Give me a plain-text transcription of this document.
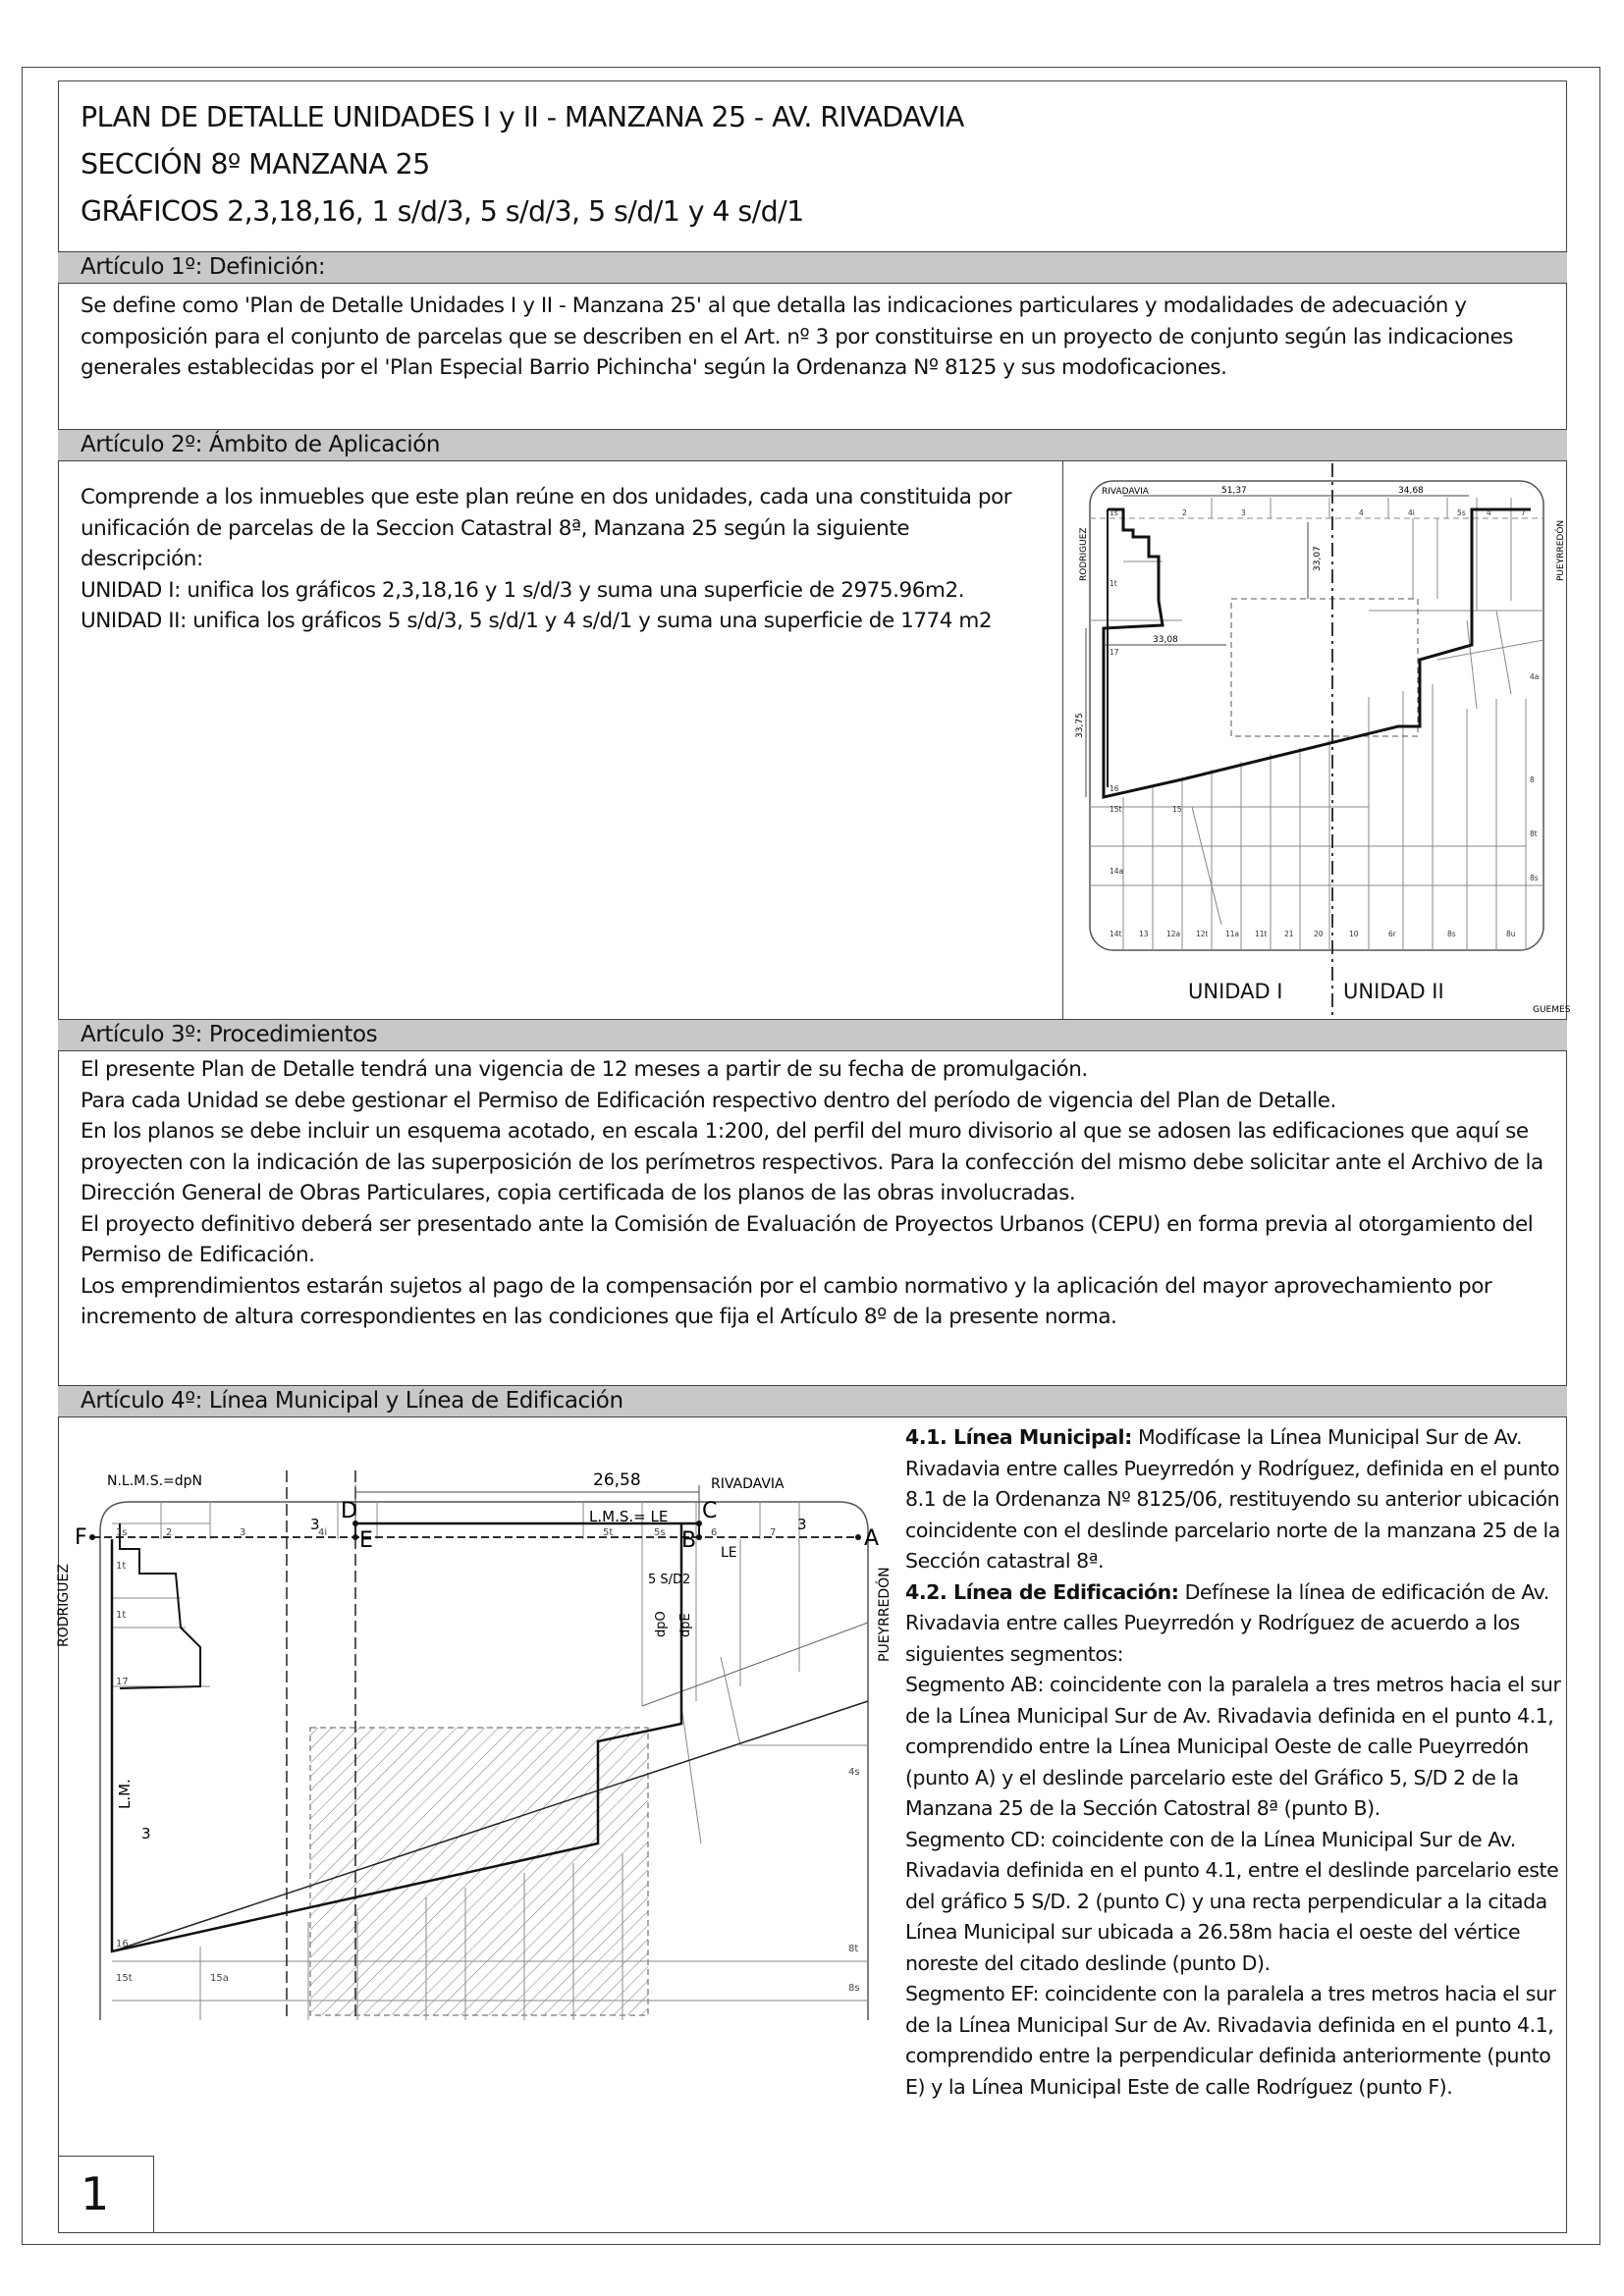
PLAN DE DETALLE UNIDADES I y II - MANZANA 25 - AV. RIVADAVIA
SECCIÓN 8º MANZANA 25
GRÁFICOS 2,3,18,16, 1 s/d/3, 5 s/d/3, 5 s/d/1 y 4 s/d/1
Artículo 1º: Definición:

Se define como 'Plan de Detalle Unidades I y II - Manzana 25' al que detalla las indicaciones particulares y modalidades de adecuación y composición para el conjunto de parcelas que se describen en el Art. nº 3 por constituirse en un proyecto de conjunto según las indicaciones generales establecidas por el 'Plan Especial Barrio Pichincha' según la Ordenanza Nº 8125 y sus modoficaciones.

Artículo 2º: Ámbito de Aplicación

Comprende a los inmuebles que este plan reúne en dos unidades, cada una constituida por unificación de parcelas de la Seccion Catastral 8ª, Manzana 25 según la siguiente descripción:

UNIDAD I: unifica los gráficos 2,3,18,16 y 1 s/d/3 y suma una superficie de 2975.96m2.

UNIDAD II: unifica los gráficos 5 s/d/3, 5 s/d/1 y 4 s/d/1 y suma una superficie de 1774 m2

RIVADAVIA
GUEMES
RODRIGUEZ	PUEYRREDÓN
51,37	34,68
33,07
33,08
33,75
1s	2	3	4	4i	5s	4	7
1t
17
16
15t	15
14a
14t 13 12a 12t 11a 11t 21	20	10	6r	8s	8u
4a
8
8t
8s
UNIDAD I	UNIDAD II
Artículo 3º: Procedimientos

El presente Plan de Detalle tendrá una vigencia de 12 meses a partir de su fecha de promulgación.

Para cada Unidad se debe gestionar el Permiso de Edificación respectivo dentro del período de vigencia del Plan de Detalle.

En los planos se debe incluir un esquema acotado, en escala 1:200, del perfil del muro divisorio al que se adosen las edificaciones que aquí se proyecten con la indicación de las superposición de los perímetros respectivos. Para la confección del mismo debe solicitar ante el Archivo de la Dirección General de Obras Particulares, copia certificada de los planos de las obras involucradas.

El proyecto definitivo deberá ser presentado ante la Comisión de Evaluación de Proyectos Urbanos (CEPU) en forma previa al otorgamiento del Permiso de Edificación.

Los emprendimientos estarán sujetos al pago de la compensación por el cambio normativo y la aplicación del mayor aprovechamiento por incremento de altura correspondientes en las condiciones que fija el Artículo 8º de la presente norma.

Artículo 4º: Línea Municipal y Línea de Edificación

4.1. Línea Municipal: Modifícase la Línea Municipal Sur de Av. Rivadavia entre calles Pueyrredón y Rodríguez, definida en el punto 8.1 de la Ordenanza Nº 8125/06, restituyendo su anterior ubicación coincidente con el deslinde parcelario norte de la manzana 25 de la Sección catastral 8ª.

4.2. Línea de Edificación: Defínese la línea de edificación de Av. Rivadavia entre calles Pueyrredón y Rodríguez de acuerdo a los siguientes segmentos:

Segmento AB: coincidente con la paralela a tres metros hacia el sur de la Línea Municipal Sur de Av. Rivadavia definida en el punto 4.1, comprendido entre la Línea Municipal Oeste de calle Pueyrredón (punto A) y el deslinde parcelario este del Gráfico 5, S/D 2 de la Manzana 25 de la Sección Catostral 8ª (punto B).

Segmento CD: coincidente con de la Línea Municipal Sur de Av. Rivadavia definida en el punto 4.1, entre el deslinde parcelario este del gráfico 5 S/D. 2 (punto C) y una recta perpendicular a la citada Línea Municipal sur ubicada a 26.58m hacia el oeste del vértice noreste del citado deslinde (punto D).

Segmento EF: coincidente con la paralela a tres metros hacia el sur de la Línea Municipal Sur de Av. Rivadavia definida en el punto 4.1, comprendido entre la perpendicular definida anteriormente (punto E) y la Línea Municipal Este de calle Rodríguez (punto F).

N.L.M.S.=dpN	26,58	RIVADAVIA
RODRIGUEZ	PUEYRREDÓN
L.M.S.= LE
F
D
E
C
B	A
LE
3	3
3
5 S/D2
dpO dpE
L.M.
1s	2	3	4i	5t	5s	6	7
1t
1t
17
16
15t	15a
4s
8t
8s
1
